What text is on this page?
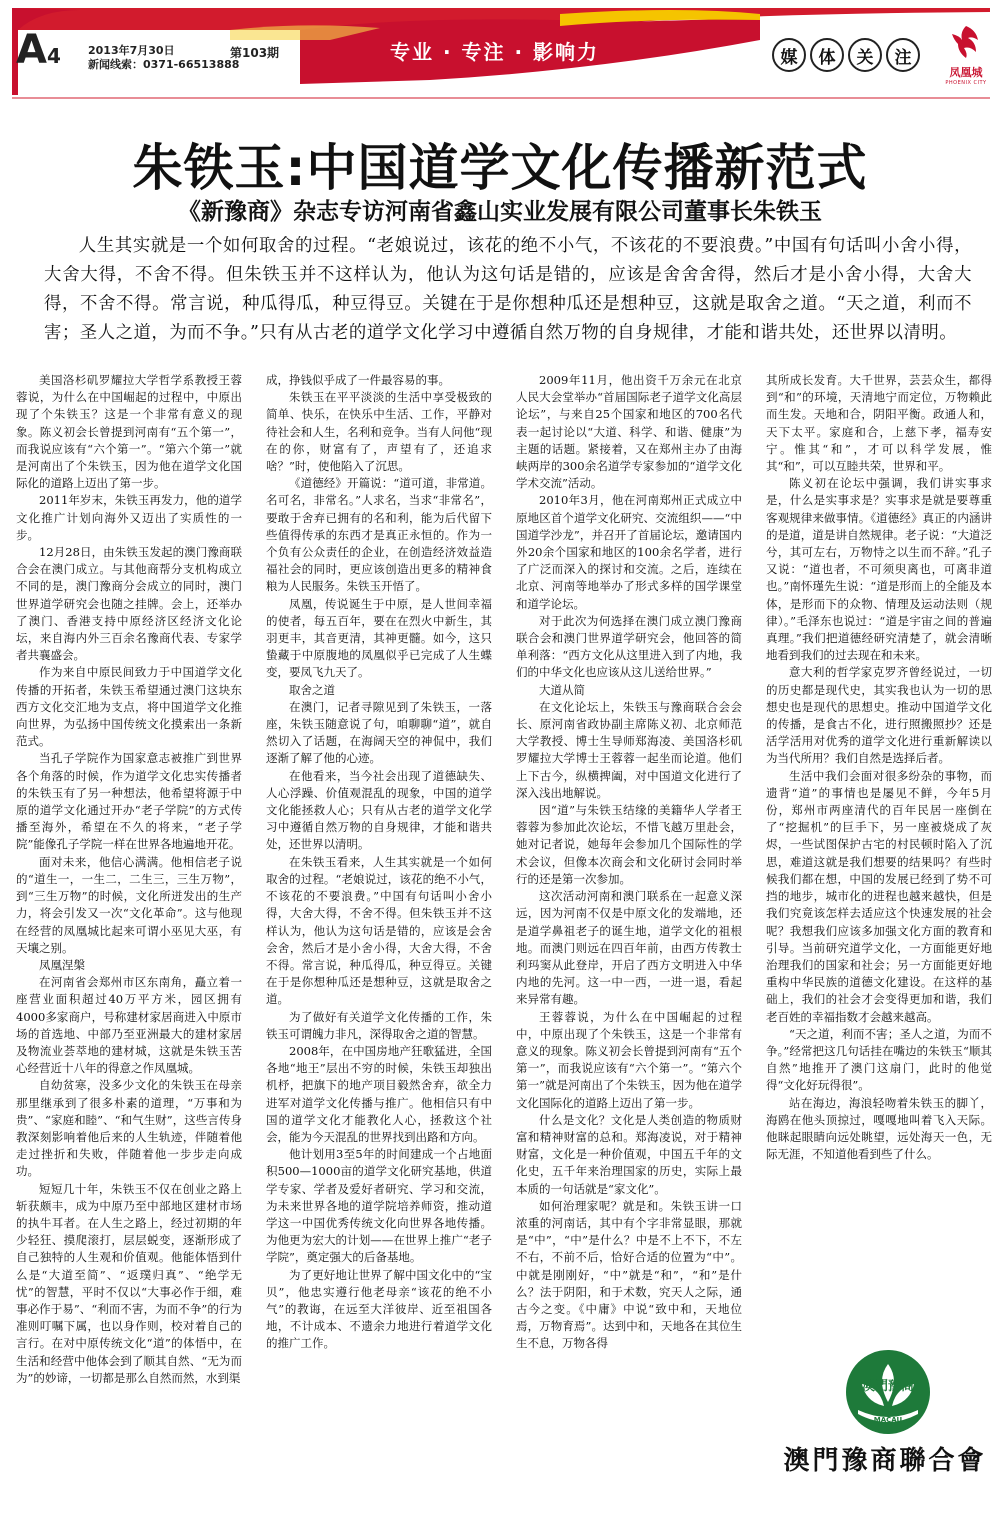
A4 2013年7月30日
新闻线索：0371-66513888
第103期	专业 · 专注 · 影响力	媒	体	关	注
凤凰城
PHOENIX CITY
朱铁玉:中国道学文化传播新范式
《新豫商》杂志专访河南省鑫山实业发展有限公司董事长朱铁玉
人生其实就是一个如何取舍的过程。“老娘说过，该花的绝不小气，不该花的不要浪费。”中国有句话叫小舍小得，大舍大得，不舍不得。但朱铁玉并不这样认为，他认为这句话是错的，应该是舍舍舍得，然后才是小舍小得，大舍大得，不舍不得。常言说，种瓜得瓜，种豆得豆。关键在于是你想种瓜还是想种豆，这就是取舍之道。“天之道，利而不害；圣人之道，为而不争。”只有从古老的道学文化学习中遵循自然万物的自身规律，才能和谐共处，还世界以清明。

美国洛杉矶罗耀拉大学哲学系教授王蓉蓉说，为什么在中国崛起的过程中，中原出现了个朱铁玉？这是一个非常有意义的现象。陈义初会长曾提到河南有“五个第一”，而我说应该有“六个第一”。“第六个第一”就是河南出了个朱铁玉，因为他在道学文化国际化的道路上迈出了第一步。

2011年岁末，朱铁玉再发力，他的道学文化推广计划向海外又迈出了实质性的一步。

12月28日，由朱铁玉发起的澳门豫商联合会在澳门成立。与其他商帮分支机构成立不同的是，澳门豫商分会成立的同时，澳门世界道学研究会也随之挂牌。会上，还举办了澳门、香港支持中原经济区经济文化论坛，来自海内外三百余名豫商代表、专家学者共襄盛会。

作为来自中原民间致力于中国道学文化传播的开拓者，朱铁玉希望通过澳门这块东西方文化交汇地为支点，将中国道学文化推向世界，为弘扬中国传统文化摸索出一条新范式。

当孔子学院作为国家意志被推广到世界各个角落的时候，作为道学文化忠实传播者的朱铁玉有了另一种想法，他希望将源于中原的道学文化通过开办“老子学院”的方式传播至海外，希望在不久的将来，“老子学院”能像孔子学院一样在世界各地遍地开花。

面对未来，他信心满满。他相信老子说的“道生一，一生二，二生三，三生万物”，到“三生万物”的时候，文化所迸发出的生产力，将会引发又一次“文化革命”。这与他现在经营的凤凰城比起来可谓小巫见大巫，有天壤之别。

　　凤凰涅槃

在河南省会郑州市区东南角，矗立着一座营业面积超过40万平方米，园区拥有4000多家商户，号称建材家居商进入中原市场的首选地、中部乃至亚洲最大的建材家居及物流业荟萃地的建材城，这就是朱铁玉苦心经营近十八年的得意之作凤凰城。

自幼贫寒，没多少文化的朱铁玉在母亲那里继承到了很多朴素的道理，“万事和为贵”、“家庭和睦”、“和气生财”，这些言传身教深刻影响着他后来的人生轨迹，伴随着他走过挫折和失败，伴随着他一步步走向成功。

短短几十年，朱铁玉不仅在创业之路上斩获颇丰，成为中原乃至中部地区建材市场的执牛耳者。在人生之路上，经过初期的年少轻狂、摸爬滚打，层层蜕变，逐渐形成了自己独特的人生观和价值观。他能体悟到什么是“大道至简”、“返璞归真”、“绝学无忧”的智慧，平时不仅以“大事必作于细，难事必作于易”、“利而不害，为而不争”的行为准则叮嘱下属，也以身作则，校对着自己的言行。在对中原传统文化“道”的体悟中，在生活和经营中他体会到了顺其自然、“无为而为”的妙谛，一切都是那么自然而然，水到渠

成，挣钱似乎成了一件最容易的事。

朱铁玉在平平淡淡的生活中享受极致的简单、快乐，在快乐中生活、工作，平静对待社会和人生，名利和竞争。当有人问他“现在的你，财富有了，声望有了，还追求啥？”时，使他陷入了沉思。

《道德经》开篇说：“道可道，非常道。名可名，非常名。”人求名，当求“非常名”，要敢于舍弃已拥有的名和利，能为后代留下些值得传承的东西才是真正永恒的。作为一个负有公众责任的企业，在创造经济效益造福社会的同时，更应该创造出更多的精神食粮为人民服务。朱铁玉开悟了。

凤凰，传说诞生于中原，是人世间幸福的使者，每五百年，要在在烈火中新生，其羽更丰，其音更清，其神更髓。如今，这只蛰藏于中原腹地的凤凰似乎已完成了人生蝶变，要凤飞九天了。

　　取舍之道

在澳门，记者寻隙见到了朱铁玉，一落座，朱铁玉随意说了句，咱聊聊“道”，就自然切入了话题，在海阔天空的神侃中，我们逐渐了解了他的心迹。

在他看来，当今社会出现了道德缺失、人心浮躁、价值观混乱的现象，中国的道学文化能拯救人心；只有从古老的道学文化学习中遵循自然万物的自身规律，才能和谐共处，还世界以清明。

在朱铁玉看来，人生其实就是一个如何取舍的过程。“老娘说过，该花的绝不小气，不该花的不要浪费。”中国有句话叫小舍小得，大舍大得，不舍不得。但朱铁玉并不这样认为，他认为这句话是错的，应该是会舍会舍，然后才是小舍小得，大舍大得，不舍不得。常言说，种瓜得瓜，种豆得豆。关键在于是你想种瓜还是想种豆，这就是取舍之道。

为了做好有关道学文化传播的工作，朱铁玉可谓魄力非凡，深得取舍之道的智慧。

2008年，在中国房地产狂歌猛进，全国各地“地王”层出不穷的时候，朱铁玉却独出机杼，把旗下的地产项目毅然舍弃，欲全力进军对道学文化传播与推广。他相信只有中国的道学文化才能教化人心，拯救这个社会，能为今天混乱的世界找到出路和方向。

他计划用3至5年的时间建成一个占地面积500—1000亩的道学文化研究基地，供道学专家、学者及爱好者研究、学习和交流，为未来世界各地的道学院培养师资，推动道学这一中国优秀传统文化向世界各地传播。为他更为宏大的计划——在世界上推广“老子学院”，奠定强大的后备基地。

为了更好地让世界了解中国文化中的“宝贝”，他忠实遵行他老母亲“该花的绝不小气”的教诲，在远至大洋彼岸、近至祖国各地，不计成本、不遗余力地进行着道学文化的推广工作。

2009年11月，他出资千万余元在北京人民大会堂举办“首届国际老子道学文化高层论坛”，与来自25个国家和地区的700名代表一起讨论以“大道、科学、和谐、健康”为主题的话题。紧接着，又在郑州主办了由海峡两岸的300余名道学专家参加的“道学文化学术交流”活动。

2010年3月，他在河南郑州正式成立中原地区首个道学文化研究、交流组织——“中国道学沙龙”，并召开了首届论坛，邀请国内外20余个国家和地区的100余名学者，进行了广泛而深入的探讨和交流。之后，连续在北京、河南等地举办了形式多样的国学课堂和道学论坛。

对于此次为何选择在澳门成立澳门豫商联合会和澳门世界道学研究会，他回答的简单利落：“西方文化从这里进入到了内地，我们的中华文化也应该从这儿送给世界。”

　　大道从简

在文化论坛上，朱铁玉与豫商联合会会长、原河南省政协副主席陈义初、北京师范大学教授、博士生导师郑海凌、美国洛杉矶罗耀拉大学博士王蓉蓉一起坐而论道。他们上下古今，纵横捭阖，对中国道文化进行了深入浅出地解说。

因“道”与朱铁玉结缘的美籍华人学者王蓉蓉为参加此次论坛，不惜飞越万里赴会，她对记者说，她每年会参加几个国际性的学术会议，但像本次商会和文化研讨会同时举行的还是第一次参加。

这次活动河南和澳门联系在一起意义深远，因为河南不仅是中原文化的发端地，还是道学鼻祖老子的诞生地，道学文化的祖根地。而澳门则远在四百年前，由西方传教士利玛窦从此登岸，开启了西方文明进入中华内地的先河。这一中一西，一进一退，看起来异常有趣。

王蓉蓉说，为什么在中国崛起的过程中，中原出现了个朱铁玉，这是一个非常有意义的现象。陈义初会长曾提到河南有“五个第一”，而我说应该有“六个第一”。“第六个第一”就是河南出了个朱铁玉，因为他在道学文化国际化的道路上迈出了第一步。

什么是文化？文化是人类创造的物质财富和精神财富的总和。郑海凌说，对于精神财富，文化是一种价值观，中国五千年的文化史，五千年来治理国家的历史，实际上最本质的一句话就是“家文化”。

如何治理家呢？就是和。朱铁玉讲一口浓重的河南话，其中有个字非常显眼，那就是“中”，“中”是什么？中是不上不下，不左不右，不前不后，恰好合适的位置为“中”。中就是刚刚好，“中”就是“和”，“和”是什么？法于阴阳，和于术数，究天人之际，通古今之变。《中庸》中说“致中和，天地位焉，万物育焉”。达到中和，天地各在其位生生不息，万物各得

其所成长发育。大千世界，芸芸众生，都得到“和”的环境，天清地宁而定位，万物赖此而生发。天地和合，阴阳平衡。政通人和，天下太平。家庭和合，上慈下孝，福寿安宁。惟其“和”，才可以科学发展，惟其“和”，可以互睦共荣，世界和平。

陈义初在论坛中强调，我们讲实事求是，什么是实事求是？实事求是就是要尊重客观规律来做事情。《道德经》真正的内涵讲的是道，道是讲自然规律。老子说：“大道泛兮，其可左右，万物恃之以生而不辞。”孔子又说：“道也者，不可须臾离也，可离非道也。”南怀瑾先生说：“道是形而上的全能及本体，是形而下的众物、情理及运动法则（规律）。”毛泽东也说过：“道是宇宙之间的普遍真理。”我们把道德经研究清楚了，就会清晰地看到我们的过去现在和未来。

意大利的哲学家克罗齐曾经说过，一切的历史都是现代史，其实我也认为一切的思想史也是现代的思想史。推动中国道学文化的传播，是食古不化，进行照搬照抄？还是活学活用对优秀的道学文化进行重新解读以为当代所用？我们自然是选择后者。

生活中我们会面对很多纷杂的事物，而遗背“道”的事情也是屡见不鲜，今年5月份，郑州市两座清代的百年民居一座倒在了“挖掘机”的巨手下，另一座被烧成了灰烬，一些试图保护古宅的村民顿时陷入了沉思，难道这就是我们想要的结果吗？有些时候我们都在想，中国的发展已经到了势不可挡的地步，城市化的进程也越来越快，但是我们究竟该怎样去适应这个快速发展的社会呢？我想我们应该多加强文化方面的教育和引导。当前研究道学文化，一方面能更好地治理我们的国家和社会；另一方面能更好地重构中华民族的道德文化建设。在这样的基础上，我们的社会才会变得更加和谐，我们老百姓的幸福指数才会越来越高。

“天之道，利而不害；圣人之道，为而不争。”经常把这几句话挂在嘴边的朱铁玉“顺其自然”地推开了澳门这扇门，此时的他觉得“文化好玩得很”。

站在海边，海浪轻吻着朱铁玉的脚丫，海鸥在他头顶掠过，嘎嘎地叫着飞入天际。他眯起眼睛向远处眺望，远处海天一色，无际无涯，不知道他看到些了什么。

澳門豫商
MACAU
澳門豫商聯合會
